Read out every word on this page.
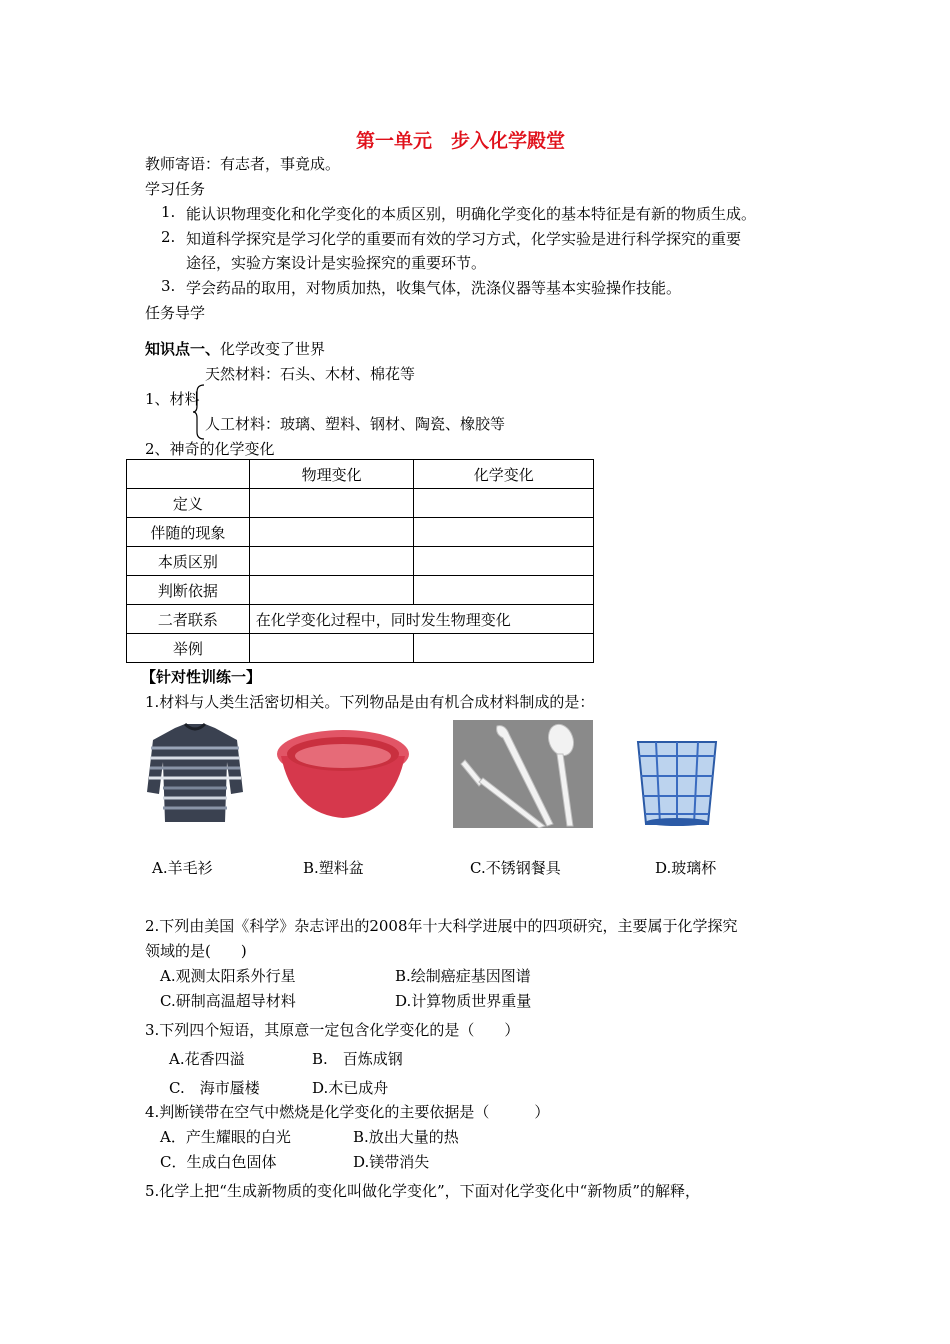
第一单元　步入化学殿堂
教师寄语：有志者，事竟成。
学习任务
1. 能认识物理变化和化学变化的本质区别，明确化学变化的基本特征是有新的物质生成。
2. 知道科学探究是学习化学的重要而有效的学习方式，化学实验是进行科学探究的重要
途径，实验方案设计是实验探究的重要环节。
3. 学会药品的取用，对物质加热，收集气体，洗涤仪器等基本实验操作技能。
任务导学
知识点一、化学改变了世界
天然材料：石头、木材、棉花等
1、材料
人工材料：玻璃、塑料、钢材、陶瓷、橡胶等
2、神奇的化学变化
	物理变化	化学变化
定义		
伴随的现象		
本质区别		
判断依据		
二者联系	在化学变化过程中，同时发生物理变化	
举例		
【针对性训练一】
1.材料与人类生活密切相关。下列物品是由有机合成材料制成的是：
A.羊毛衫	B.塑料盆	C.不锈钢餐具	D.玻璃杯
2.下列由美国《科学》杂志评出的2008年十大科学进展中的四项研究，主要属于化学探究
领域的是(　　)
A.观测太阳系外行星	B.绘制癌症基因图谱
C.研制高温超导材料	D.计算物质世界重量
3.下列四个短语，其原意一定包含化学变化的是（　　）
A.花香四溢	B.　百炼成钢
C.　海市蜃楼	D.木已成舟
4.判断镁带在空气中燃烧是化学变化的主要依据是（　　　）
A．产生耀眼的白光	B.放出大量的热
C．生成白色固体	D.镁带消失
5.化学上把“生成新物质的变化叫做化学变化”，下面对化学变化中“新物质”的解释，
